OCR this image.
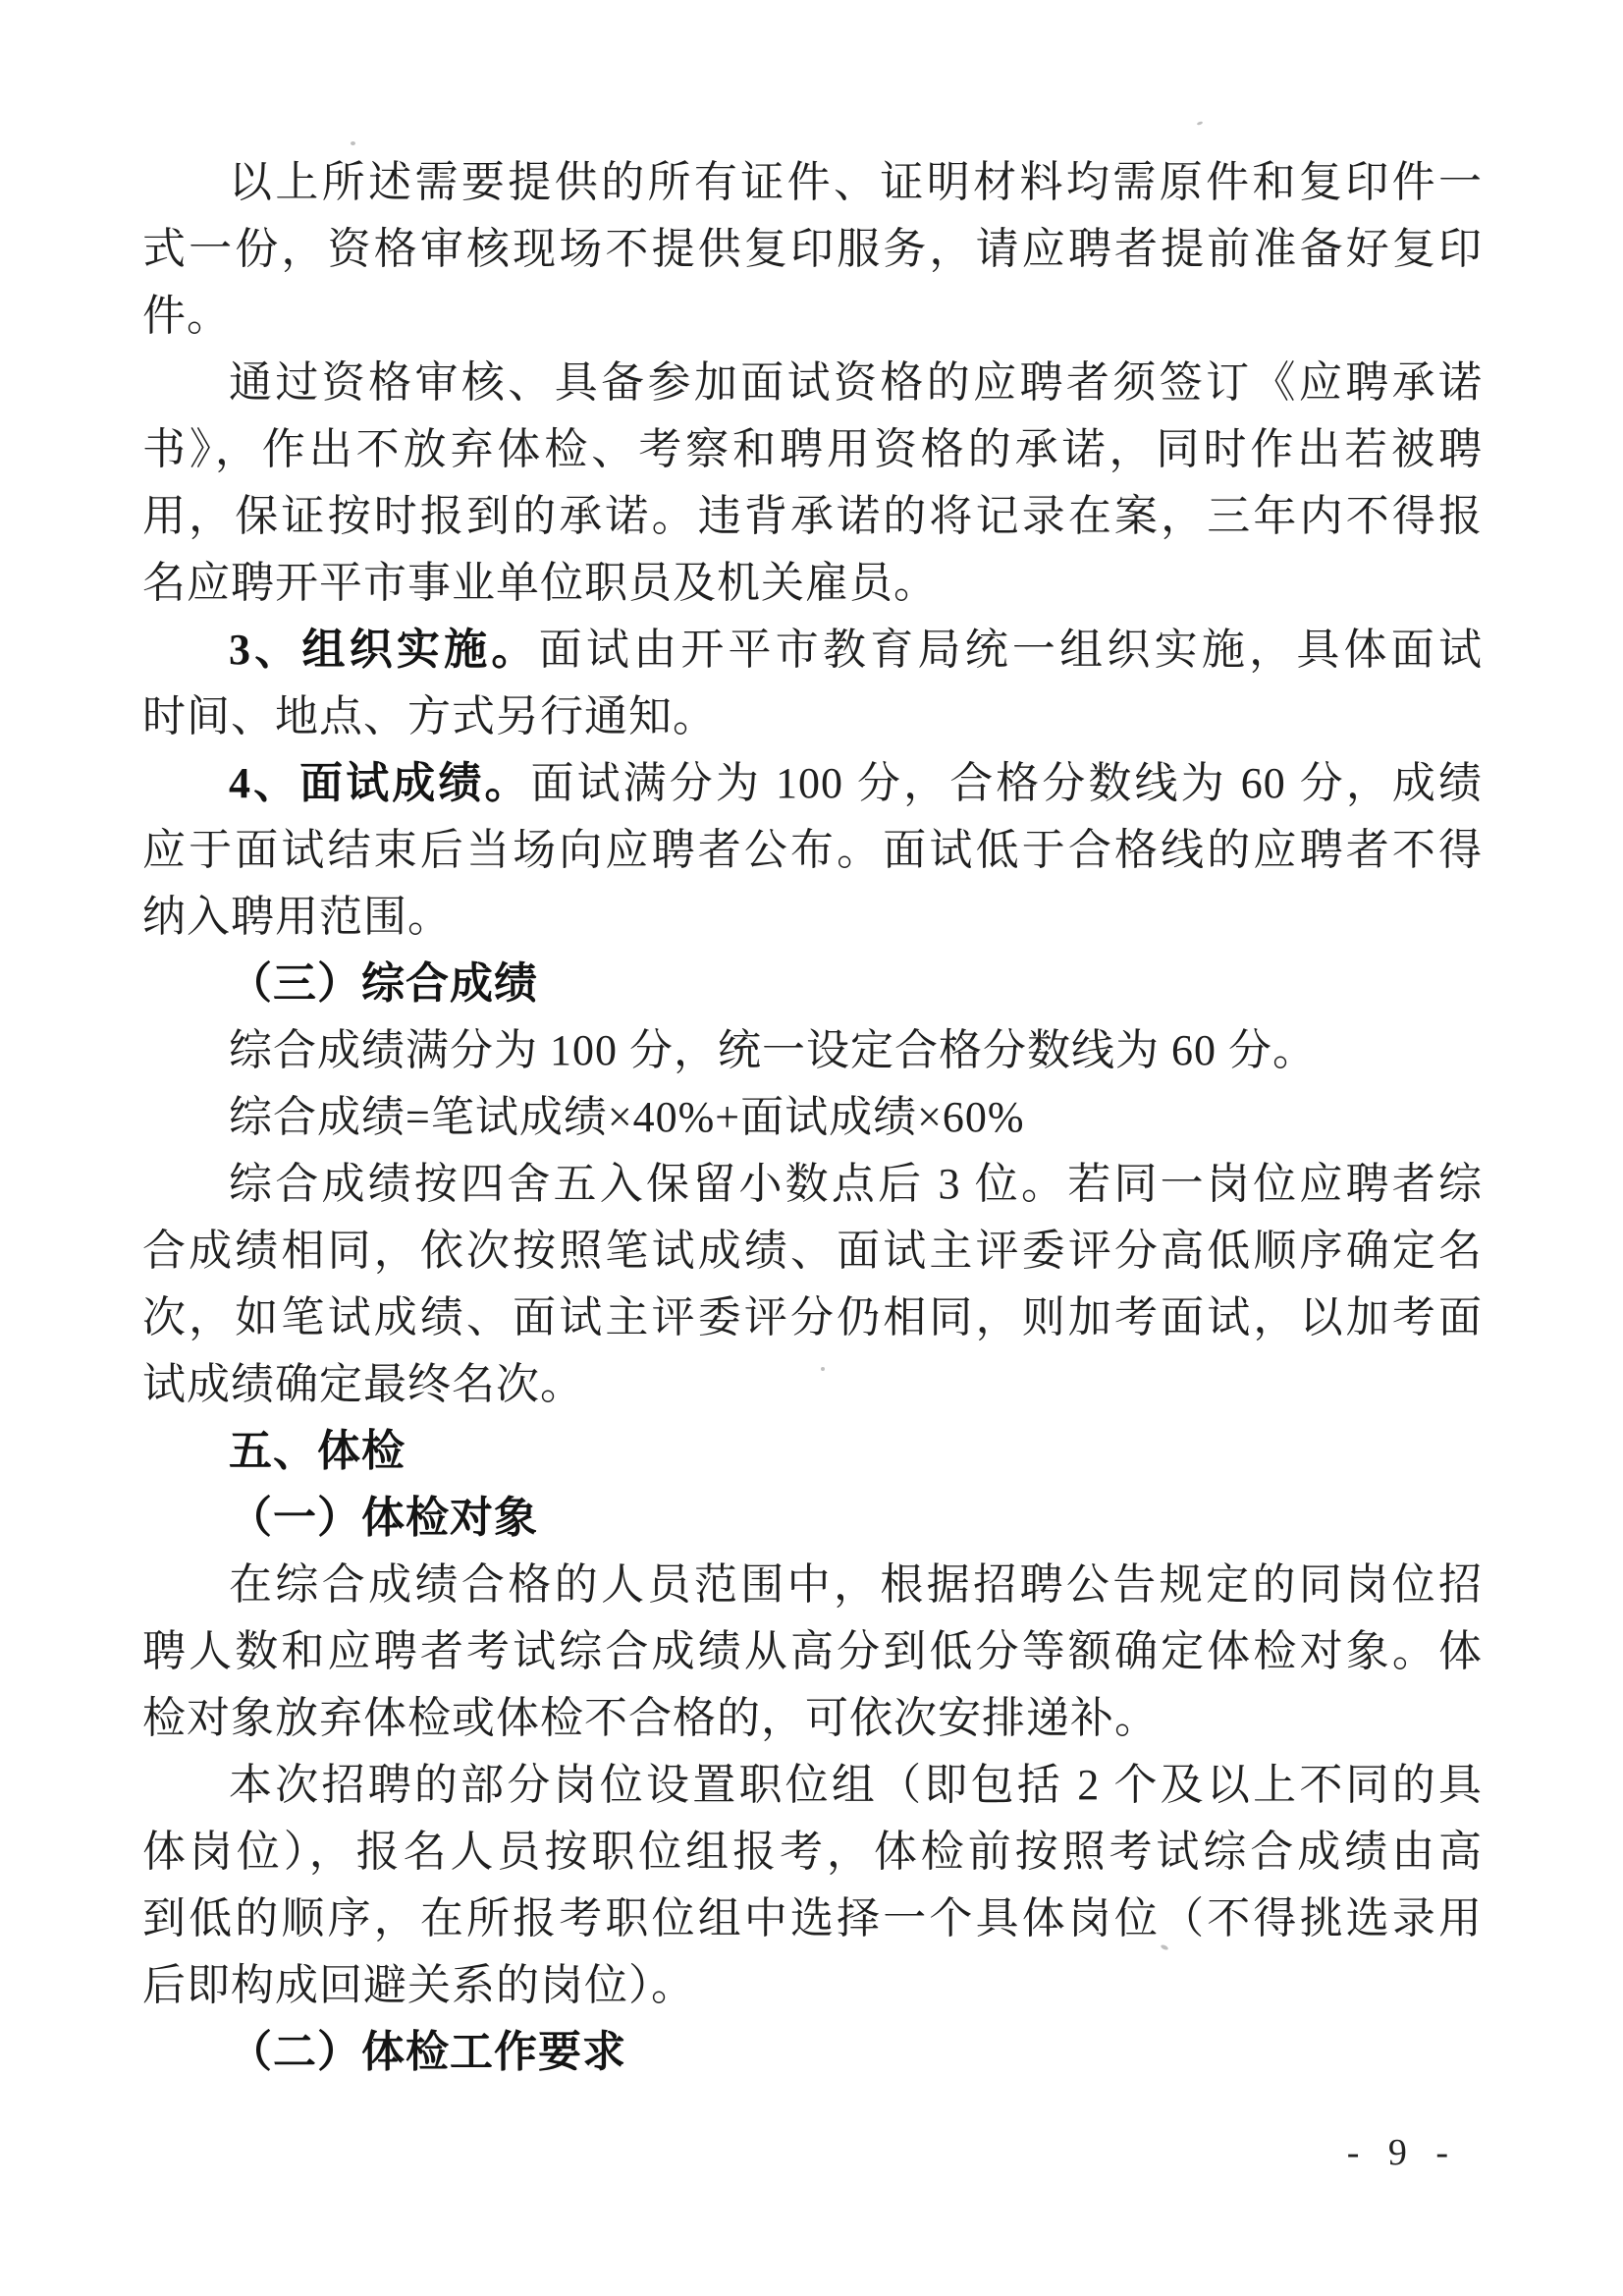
以上所述需要提供的所有证件、证明材料均需原件和复印件一
式一份，资格审核现场不提供复印服务，请应聘者提前准备好复印
件。
通过资格审核、具备参加面试资格的应聘者须签订《应聘承诺
书》，作出不放弃体检、考察和聘用资格的承诺，同时作出若被聘
用，保证按时报到的承诺。违背承诺的将记录在案，三年内不得报
名应聘开平市事业单位职员及机关雇员。
3、组织实施。面试由开平市教育局统一组织实施，具体面试
时间、地点、方式另行通知。
4、面试成绩。面试满分为 100 分，合格分数线为 60 分，成绩
应于面试结束后当场向应聘者公布。面试低于合格线的应聘者不得
纳入聘用范围。
（三）综合成绩
综合成绩满分为 100 分，统一设定合格分数线为 60 分。
综合成绩=笔试成绩×40%+面试成绩×60%
综合成绩按四舍五入保留小数点后 3 位。若同一岗位应聘者综
合成绩相同，依次按照笔试成绩、面试主评委评分高低顺序确定名
次，如笔试成绩、面试主评委评分仍相同，则加考面试，以加考面
试成绩确定最终名次。
五、体检
（一）体检对象
在综合成绩合格的人员范围中，根据招聘公告规定的同岗位招
聘人数和应聘者考试综合成绩从高分到低分等额确定体检对象。体
检对象放弃体检或体检不合格的，可依次安排递补。
本次招聘的部分岗位设置职位组（即包括 2 个及以上不同的具
体岗位），报名人员按职位组报考，体检前按照考试综合成绩由高
到低的顺序，在所报考职位组中选择一个具体岗位（不得挑选录用
后即构成回避关系的岗位）。
（二）体检工作要求
- 9 -
